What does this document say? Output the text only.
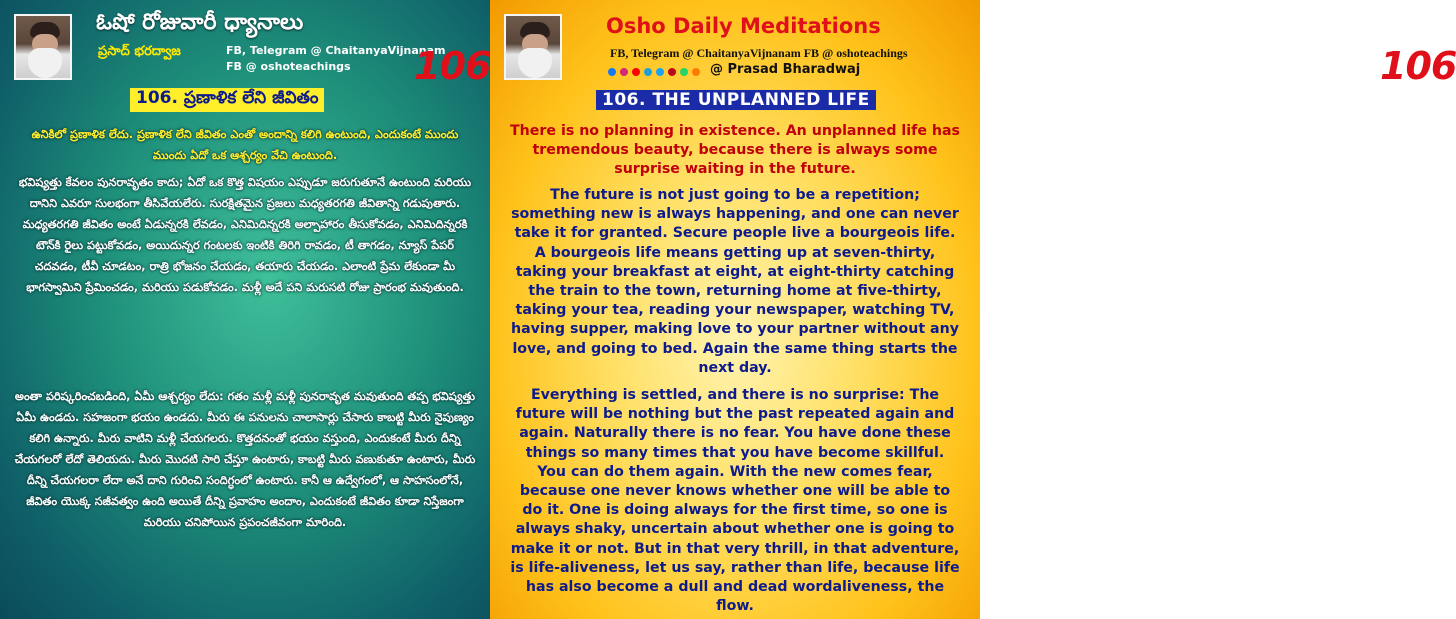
ఓషో రోజువారీ ధ్యానాలు
ప్రసాద్ భరద్వాజ	FB, Telegram @ ChaitanyaVijnanam
FB @ oshoteachings 106
106. ప్రణాళిక లేని జీవితం
ఉనికిలో ప్రణాళిక లేదు. ప్రణాళిక లేని జీవితం ఎంతో అందాన్ని కలిగి ఉంటుంది, ఎందుకంటే ముందు ముందు ఏదో ఒక ఆశ్చర్యం వేచి ఉంటుంది.
భవిష్యత్తు కేవలం పునరావృతం కాదు; ఏదో ఒక కొత్త విషయం ఎప్పుడూ జరుగుతూనే ఉంటుంది మరియు దానిని ఎవరూ సులభంగా తీసివేయలేరు. సురక్షితమైన ప్రజలు మధ్యతరగతి జీవితాన్ని గడుపుతారు. మధ్యతరగతి జీవితం అంటే ఏడున్నరకి లేవడం, ఎనిమిదిన్నరకి అల్పాహారం తీసుకోవడం, ఎనిమిదిన్నరకి టౌన్‌కి రైలు పట్టుకోవడం, అయిదున్నర గంటలకు ఇంటికి తిరిగి రావడం, టీ తాగడం, న్యూస్ పేపర్ చదవడం, టీవీ చూడటం, రాత్రి భోజనం చేయడం, తయారు చేయడం. ఎలాంటి ప్రేమ లేకుండా మీ భాగస్వామిని ప్రేమించడం, మరియు పడుకోవడం. మళ్లీ అదే పని మరుసటి రోజు ప్రారంభ మవుతుంది.
అంతా పరిష్కరించబడింది, ఏమీ ఆశ్చర్యం లేదు: గతం మళ్లీ మళ్లీ పునరావృత మవుతుంది తప్ప భవిష్యత్తు ఏమీ ఉండదు. సహజంగా భయం ఉండదు. మీరు ఈ పనులను చాలాసార్లు చేసారు కాబట్టి మీరు నైపుణ్యం కలిగి ఉన్నారు. మీరు వాటిని మళ్లీ చేయగలరు. కొత్తదనంతో భయం వస్తుంది, ఎందుకంటే మీరు దీన్ని చేయగలరో లేదో తెలియదు. మీరు మొదటి సారి చేస్తూ ఉంటారు, కాబట్టి మీరు వణుకుతూ ఉంటారు, మీరు దీన్ని చేయగలరా లేదా అనే దాని గురించి సందిగ్ధంలో ఉంటారు. కానీ ఆ ఉద్వేగంలో, ఆ సాహసంలోనే, జీవితం యొక్క సజీవత్వం ఉంది అయితే దీన్ని ప్రవాహం అందాం, ఎందుకంటే జీవితం కూడా నిస్తేజంగా మరియు చనిపోయిన ప్రపంచజీవంగా మారింది.
Osho Daily Meditations
FB, Telegram @ ChaitanyaVijnanam FB @ oshoteachings
@ Prasad Bharadwaj	106
106. THE UNPLANNED LIFE
There is no planning in existence. An unplanned life has tremendous beauty, because there is always some surprise waiting in the future.
The future is not just going to be a repetition; something new is always happening, and one can never take it for granted. Secure people live a bourgeois life. A bourgeois life means getting up at seven-thirty, taking your breakfast at eight, at eight-thirty catching the train to the town, returning home at five-thirty, taking your tea, reading your newspaper, watching TV, having supper, making love to your partner without any love, and going to bed. Again the same thing starts the next day.
Everything is settled, and there is no surprise: The future will be nothing but the past repeated again and again. Naturally there is no fear. You have done these things so many times that you have become skillful. You can do them again. With the new comes fear, because one never knows whether one will be able to do it. One is doing always for the first time, so one is always shaky, uncertain about whether one is going to make it or not. But in that very thrill, in that adventure, is life-aliveness, let us say, rather than life, because life has also become a dull and dead wordaliveness, the flow.
